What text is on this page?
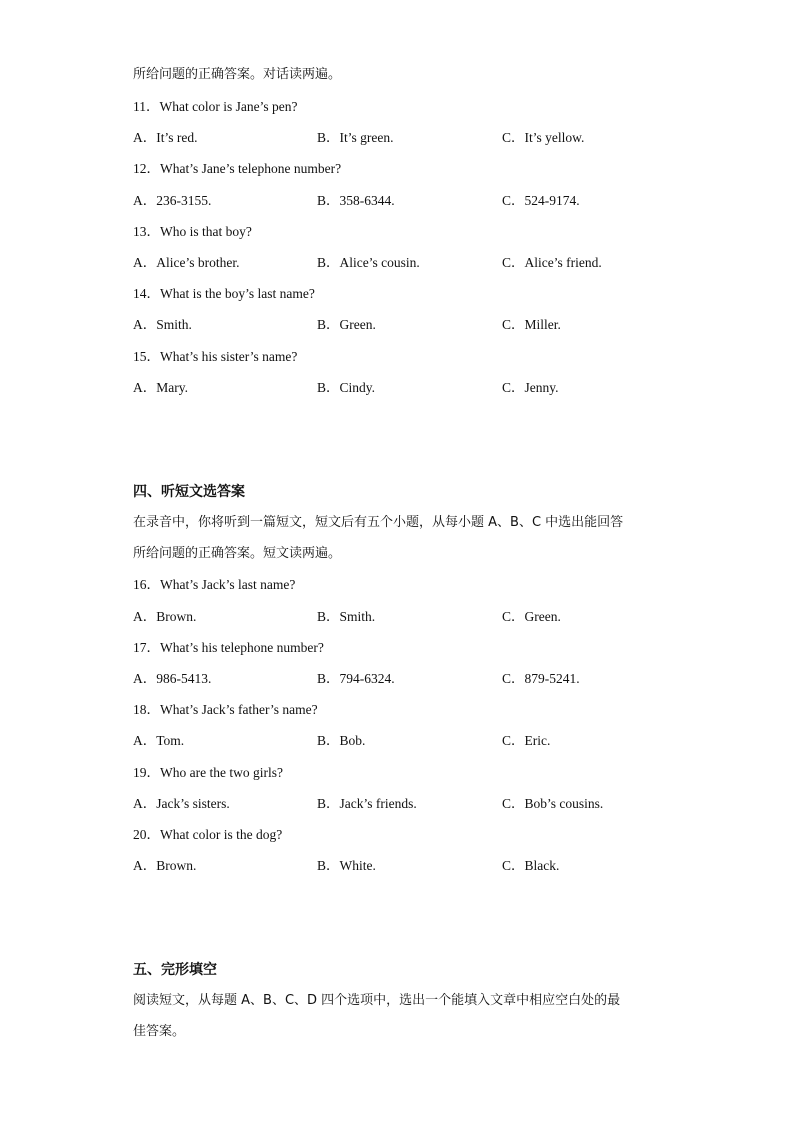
所给问题的正确答案。对话读两遍。
11．What color is Jane’s pen?
A．It’s red.	B．It’s green.	C．It’s yellow.
12．What’s Jane’s telephone number?
A．236-3155.	B．358-6344.	C．524-9174.
13．Who is that boy?
A．Alice’s brother.	B．Alice’s cousin.	C．Alice’s friend.
14．What is the boy’s last name?
A．Smith.	B．Green.	C．Miller.
15．What’s his sister’s name?
A．Mary.	B．Cindy.	C．Jenny.
四、听短文选答案
在录音中，你将听到一篇短文，短文后有五个小题，从每小题 A、B、C 中选出能回答
所给问题的正确答案。短文读两遍。
16．What’s Jack’s last name?
A．Brown.	B．Smith.	C．Green.
17．What’s his telephone number?
A．986-5413.	B．794-6324.	C．879-5241.
18．What’s Jack’s father’s name?
A．Tom.	B．Bob.	C．Eric.
19．Who are the two girls?
A．Jack’s sisters.	B．Jack’s friends.	C．Bob’s cousins.
20．What color is the dog?
A．Brown.	B．White.	C．Black.
五、完形填空
阅读短文，从每题 A、B、C、D 四个选项中，选出一个能填入文章中相应空白处的最
佳答案。
